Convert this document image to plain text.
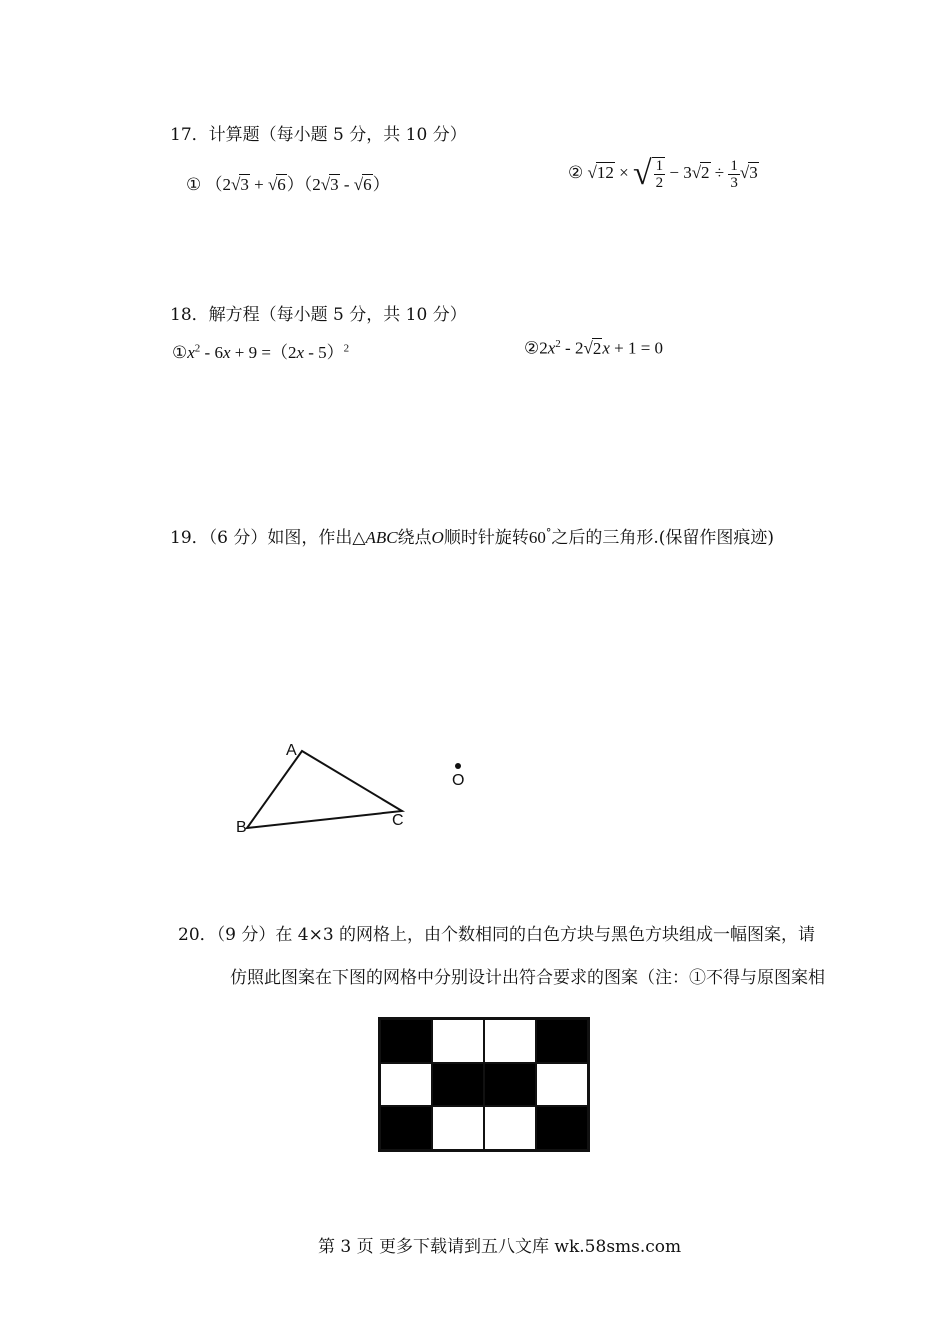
17．计算题（每小题 5 分，共 10 分）
① （2√3 + √6）（2√3 - √6）
② √12 × √ $\frac{1}{2} - 3√2 \div \frac{1}{3} √3$
18．解方程（每小题 5 分，共 10 分）
$①x^2 - 6x + 9 =(2x - 5)^2$	$②2x^2 - 2√2x + 1 = 0$
19．（6 分）如图，作出△ABC绕点O顺时针旋转60°之后的三角形.(保留作图痕迹)
A
B	C
O
20．（9 分）在 4×3 的网格上，由个数相同的白色方块与黑色方块组成一幅图案，请
仿照此图案在下图的网格中分别设计出符合要求的图案（注：①不得与原图案相
第 3 页 更多下载请到五八文库 wk.58sms.com
